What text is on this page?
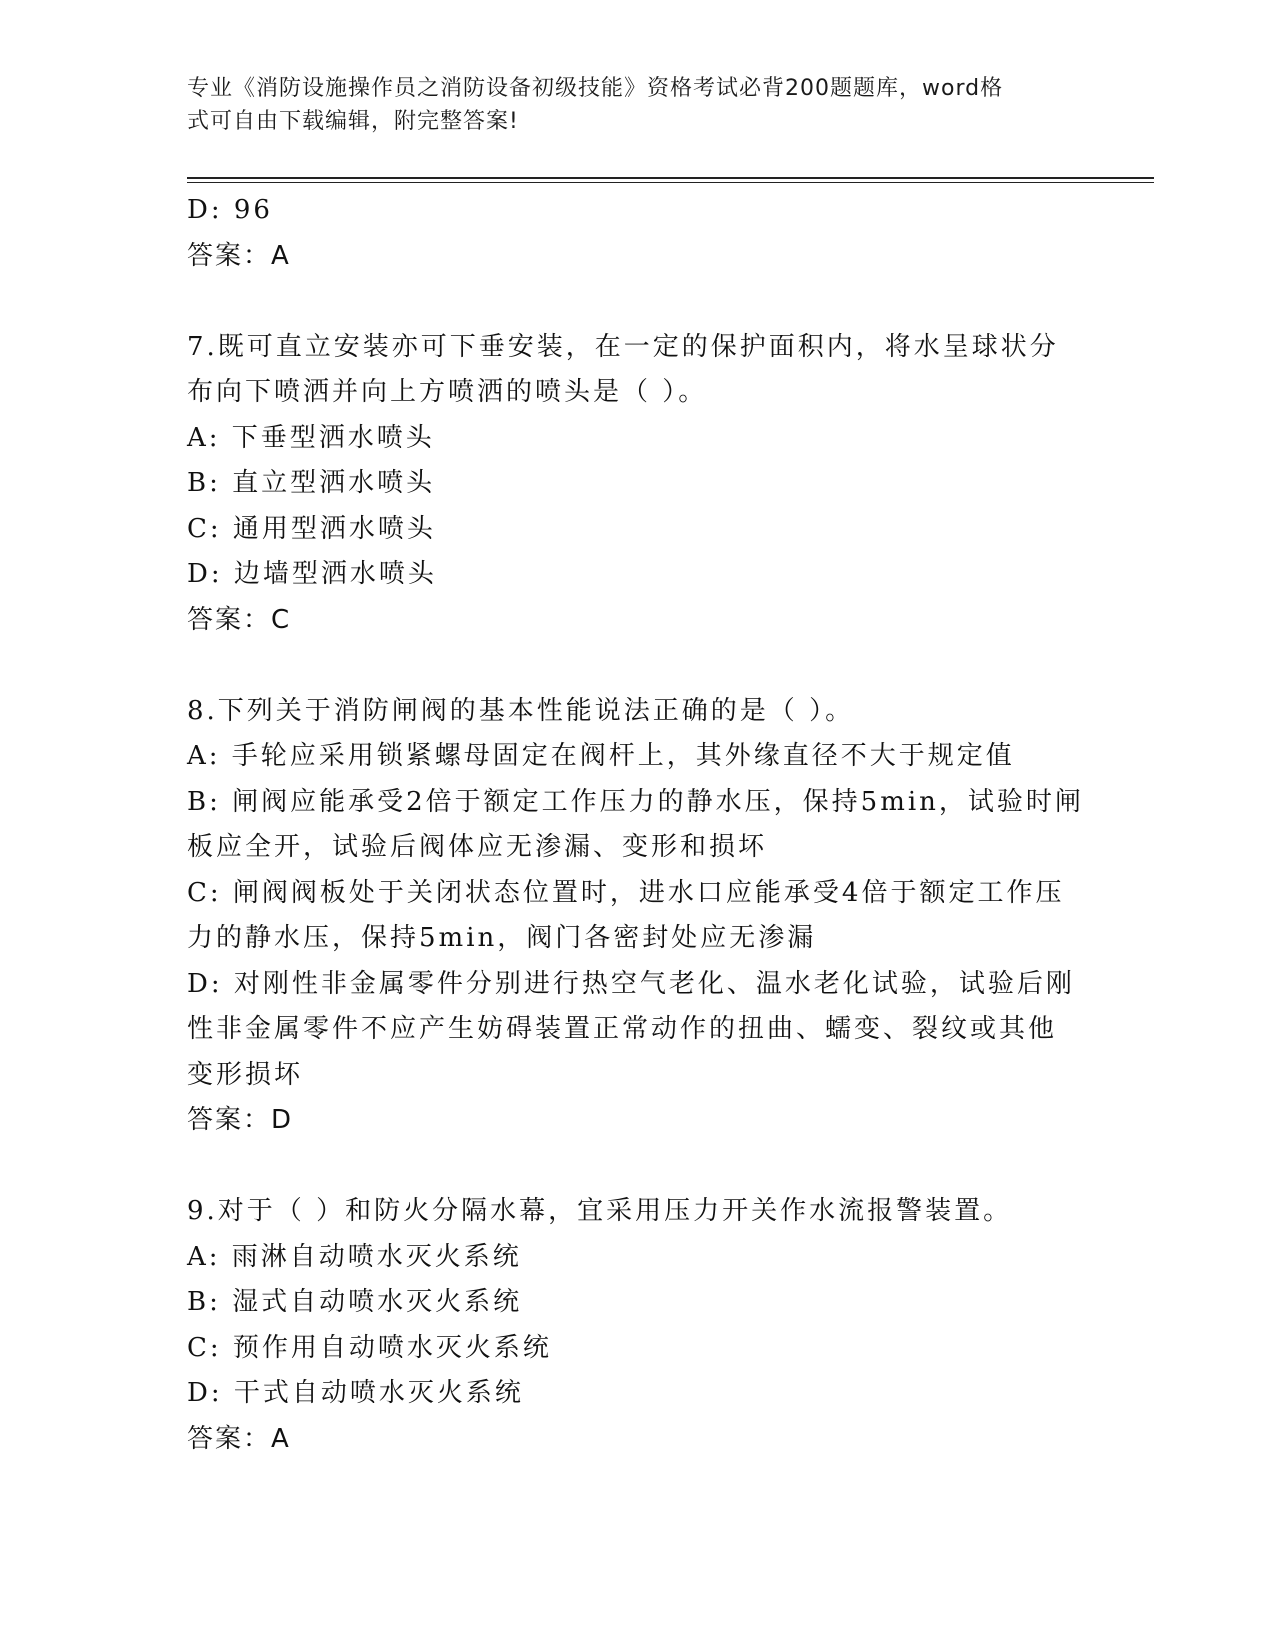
专业《消防设施操作员之消防设备初级技能》资格考试必背200题题库，word格
式可自由下载编辑，附完整答案!
D: 96
答案：A
7.既可直立安装亦可下垂安装，在一定的保护面积内，将水呈球状分
布向下喷洒并向上方喷洒的喷头是（ ）。
A: 下垂型洒水喷头
B: 直立型洒水喷头
C: 通用型洒水喷头
D: 边墙型洒水喷头
答案：C
8.下列关于消防闸阀的基本性能说法正确的是（ ）。
A: 手轮应采用锁紧螺母固定在阀杆上，其外缘直径不大于规定值
B: 闸阀应能承受2倍于额定工作压力的静水压，保持5min，试验时闸
板应全开，试验后阀体应无渗漏、变形和损坏
C: 闸阀阀板处于关闭状态位置时，进水口应能承受4倍于额定工作压
力的静水压，保持5min，阀门各密封处应无渗漏
D: 对刚性非金属零件分别进行热空气老化、温水老化试验，试验后刚
性非金属零件不应产生妨碍装置正常动作的扭曲、蠕变、裂纹或其他
变形损坏
答案：D
9.对于（ ）和防火分隔水幕，宜采用压力开关作水流报警装置。
A: 雨淋自动喷水灭火系统
B: 湿式自动喷水灭火系统
C: 预作用自动喷水灭火系统
D: 干式自动喷水灭火系统
答案：A
